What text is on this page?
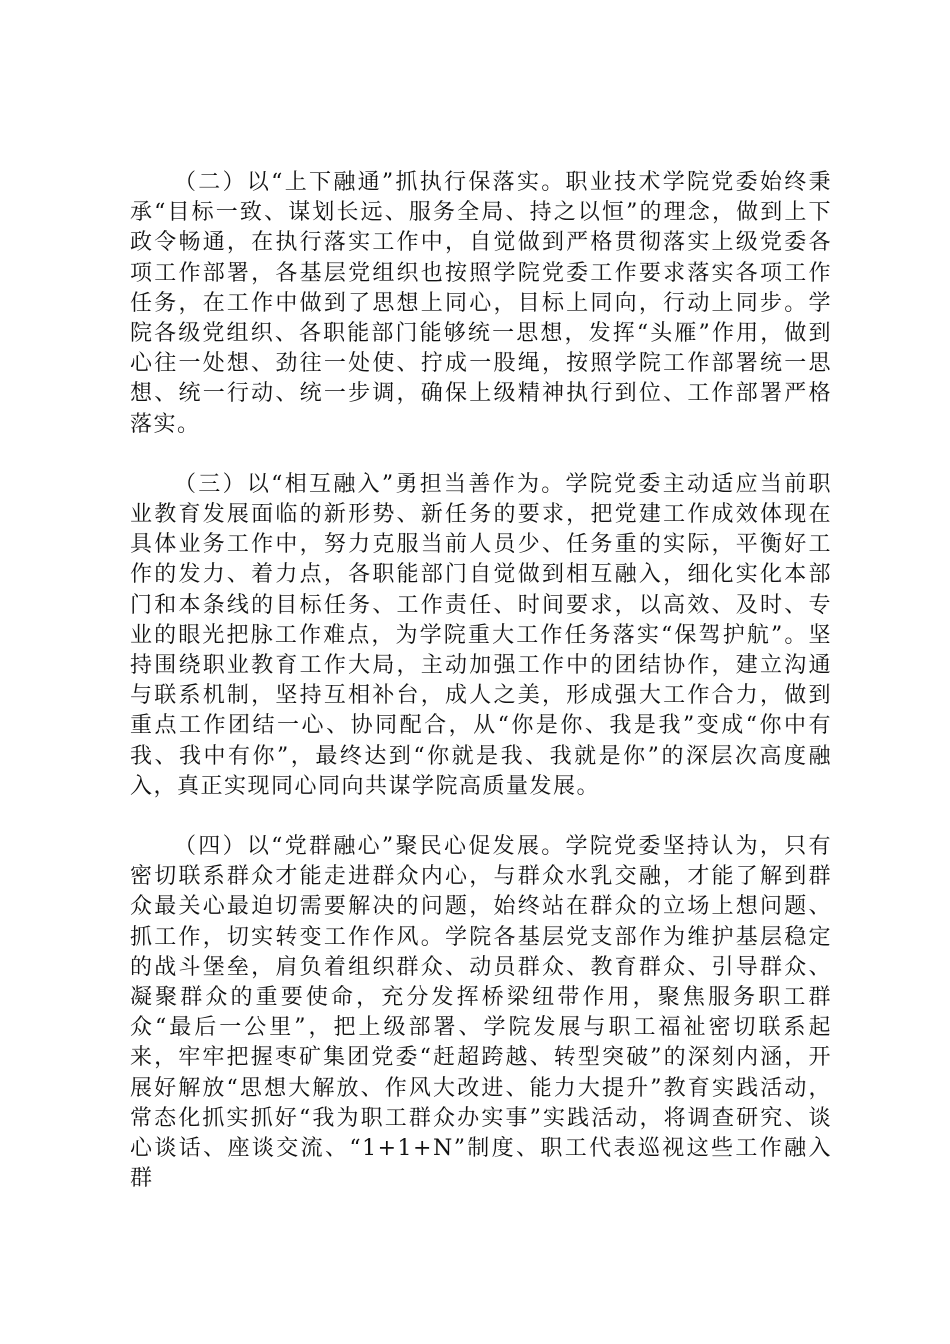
（二）以“上下融通”抓执行保落实。职业技术学院党委始终秉承“目标一致、谋划长远、服务全局、持之以恒”的理念，做到上下政令畅通，在执行落实工作中，自觉做到严格贯彻落实上级党委各项工作部署，各基层党组织也按照学院党委工作要求落实各项工作任务，在工作中做到了思想上同心，目标上同向，行动上同步。学院各级党组织、各职能部门能够统一思想，发挥“头雁”作用，做到心往一处想、劲往一处使、拧成一股绳，按照学院工作部署统一思想、统一行动、统一步调，确保上级精神执行到位、工作部署严格落实。

（三）以“相互融入”勇担当善作为。学院党委主动适应当前职业教育发展面临的新形势、新任务的要求，把党建工作成效体现在具体业务工作中，努力克服当前人员少、任务重的实际，平衡好工作的发力、着力点，各职能部门自觉做到相互融入，细化实化本部门和本条线的目标任务、工作责任、时间要求，以高效、及时、专业的眼光把脉工作难点，为学院重大工作任务落实“保驾护航”。坚持围绕职业教育工作大局，主动加强工作中的团结协作，建立沟通与联系机制，坚持互相补台，成人之美，形成强大工作合力，做到重点工作团结一心、协同配合，从“你是你、我是我”变成“你中有我、我中有你”，最终达到“你就是我、我就是你”的深层次高度融入，真正实现同心同向共谋学院高质量发展。

（四）以“党群融心”聚民心促发展。学院党委坚持认为，只有密切联系群众才能走进群众内心，与群众水乳交融，才能了解到群众最关心最迫切需要解决的问题，始终站在群众的立场上想问题、抓工作，切实转变工作作风。学院各基层党支部作为维护基层稳定的战斗堡垒，肩负着组织群众、动员群众、教育群众、引导群众、凝聚群众的重要使命，充分发挥桥梁纽带作用，聚焦服务职工群众“最后一公里”，把上级部署、学院发展与职工福祉密切联系起来，牢牢把握枣矿集团党委“赶超跨越、转型突破”的深刻内涵，开展好解放“思想大解放、作风大改进、能力大提升”教育实践活动，常态化抓实抓好“我为职工群众办实事”实践活动，将调查研究、谈心谈话、座谈交流、“1+1+N”制度、职工代表巡视这些工作融入群
